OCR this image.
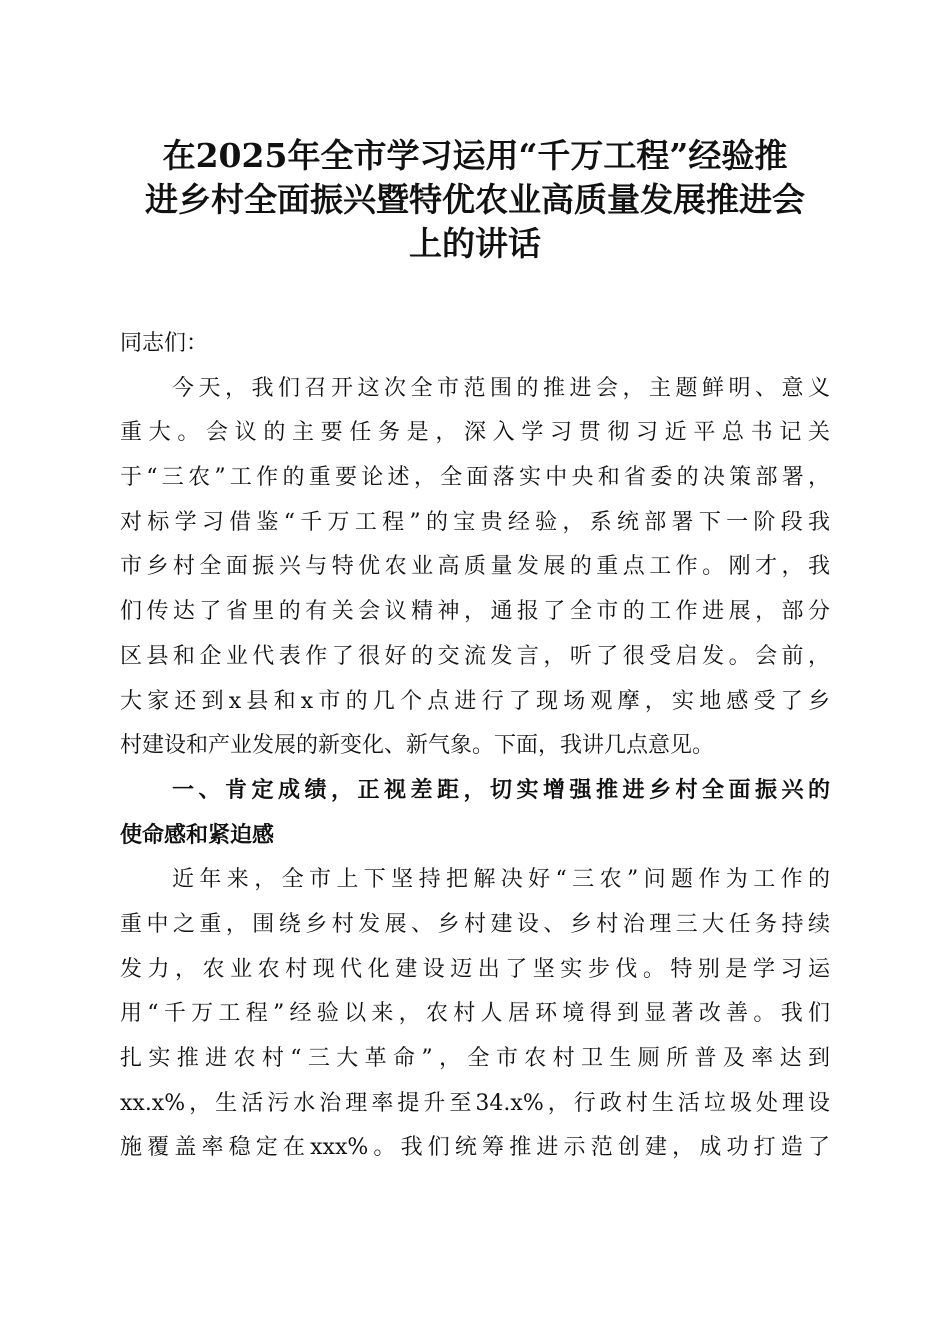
在2025年全市学习运用“千万工程”经验推
进乡村全面振兴暨特优农业高质量发展推进会
上的讲话
同志们：
今天，我们召开这次全市范围的推进会，主题鲜明、意义
重大。会议的主要任务是，深入学习贯彻习近平总书记关
于“三农”工作的重要论述，全面落实中央和省委的决策部署，
对标学习借鉴“千万工程”的宝贵经验，系统部署下一阶段我
市乡村全面振兴与特优农业高质量发展的重点工作。刚才，我
们传达了省里的有关会议精神，通报了全市的工作进展，部分
区县和企业代表作了很好的交流发言，听了很受启发。会前，
大家还到x县和x市的几个点进行了现场观摩，实地感受了乡
村建设和产业发展的新变化、新气象。下面，我讲几点意见。
一、肯定成绩，正视差距，切实增强推进乡村全面振兴的
使命感和紧迫感
近年来，全市上下坚持把解决好“三农”问题作为工作的
重中之重，围绕乡村发展、乡村建设、乡村治理三大任务持续
发力，农业农村现代化建设迈出了坚实步伐。特别是学习运
用“千万工程”经验以来，农村人居环境得到显著改善。我们
扎实推进农村“三大革命”，全市农村卫生厕所普及率达到
xx.x%，生活污水治理率提升至34.x%，行政村生活垃圾处理设
施覆盖率稳定在xxx%。我们统筹推进示范创建，成功打造了
